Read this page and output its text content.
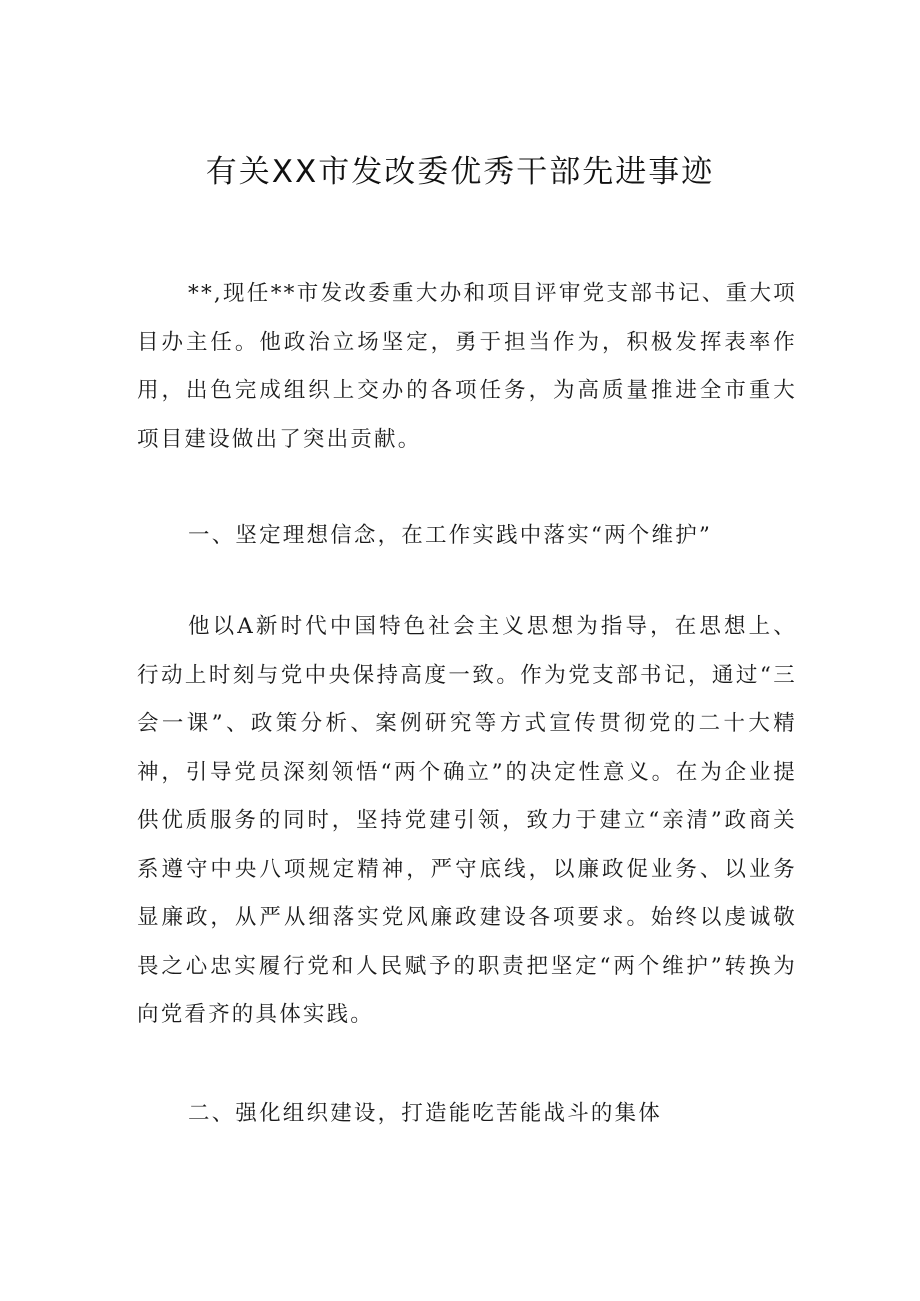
有关XX市发改委优秀干部先进事迹

**,现任**市发改委重大办和项目评审党支部书记、重大项目办主任。他政治立场坚定，勇于担当作为，积极发挥表率作用，出色完成组织上交办的各项任务，为高质量推进全市重大项目建设做出了突出贡献。

一、坚定理想信念，在工作实践中落实“两个维护”

他以A新时代中国特色社会主义思想为指导，在思想上、行动上时刻与党中央保持高度一致。作为党支部书记，通过“三会一课”、政策分析、案例研究等方式宣传贯彻党的二十大精神，引导党员深刻领悟“两个确立”的决定性意义。在为企业提供优质服务的同时，坚持党建引领，致力于建立“亲清”政商关系遵守中央八项规定精神，严守底线，以廉政促业务、以业务显廉政，从严从细落实党风廉政建设各项要求。始终以虔诚敬畏之心忠实履行党和人民赋予的职责把坚定“两个维护”转换为向党看齐的具体实践。

二、强化组织建设，打造能吃苦能战斗的集体
